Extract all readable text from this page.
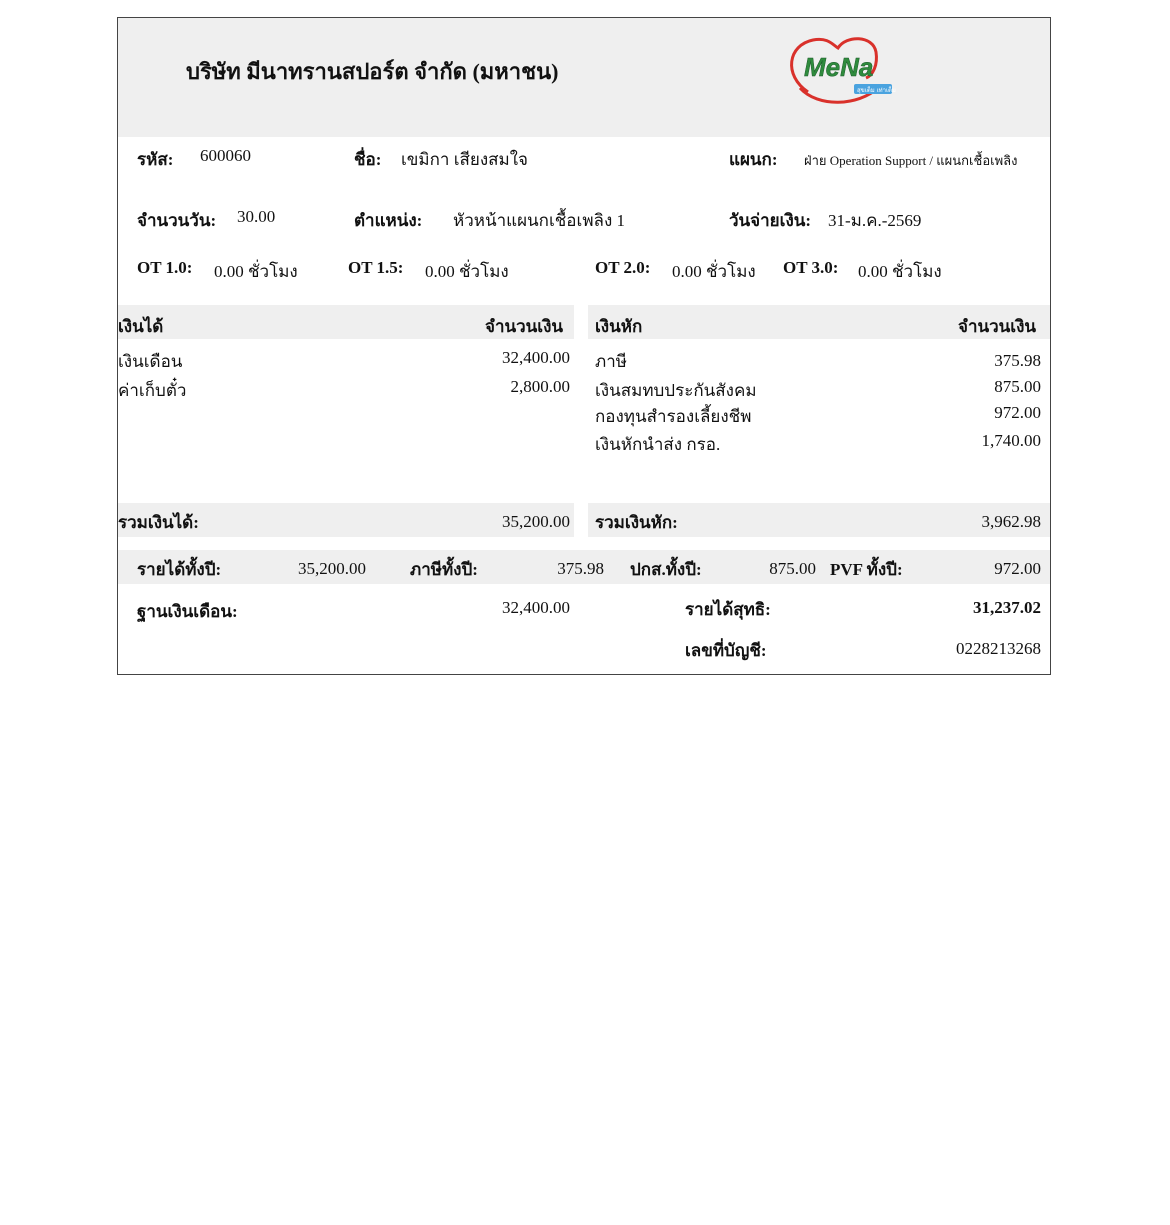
บริษัท มีนาทรานสปอร์ต จำกัด (มหาชน)	MeNa
สุขเต็ม เท่าเต็ม
รหัส: 600060	ชื่อ: เขมิกา เสียงสมใจ	แผนก: ฝ่าย Operation Support / แผนกเชื้อเพลิง
จำนวนวัน: 30.00	ตำแหน่ง: หัวหน้าแผนกเชื้อเพลิง 1	วันจ่ายเงิน: 31-ม.ค.-2569
OT 1.0: 0.00 ชั่วโมง	OT 1.5: 0.00 ชั่วโมง	OT 2.0: 0.00 ชั่วโมง OT 3.0: 0.00 ชั่วโมง
เงินได้	จำนวนเงิน เงินหัก	จำนวนเงิน
เงินเดือน	32,400.00
ค่าเก็บตั๋ว	2,800.00
ภาษี	375.98
เงินสมทบประกันสังคม	875.00
กองทุนสำรองเลี้ยงชีพ	972.00
เงินหักนำส่ง กรอ.	1,740.00
รวมเงินได้:	35,200.00 รวมเงินหัก:	3,962.98
รายได้ทั้งปี:	35,200.00	ภาษีทั้งปี:	375.98 ปกส.ทั้งปี:	875.00 PVF ทั้งปี:	972.00
ฐานเงินเดือน:	32,400.00	รายได้สุทธิ:	31,237.02
เลขที่บัญชี:	0228213268
